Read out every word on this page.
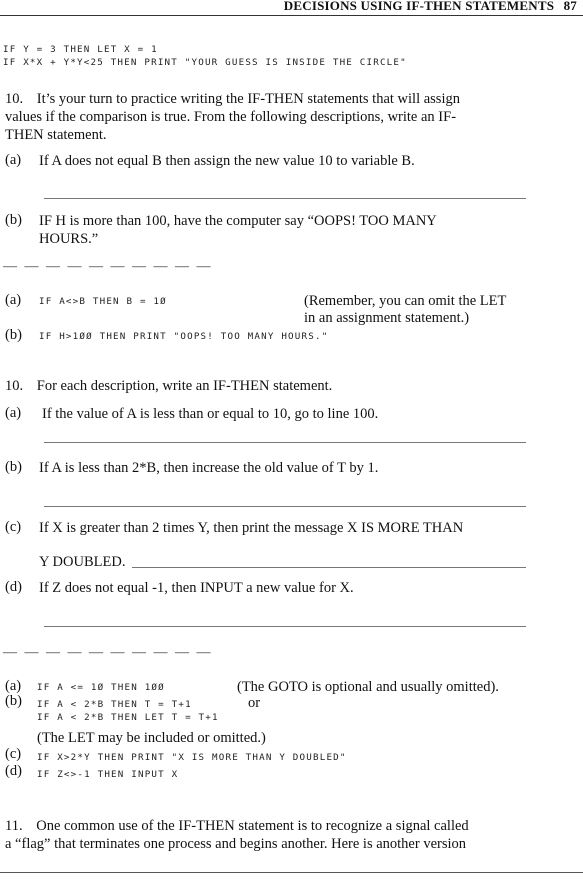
DECISIONS USING IF-THEN STATEMENTS 87
IF Y = 3 THEN LET X = 1
IF X*X + Y*Y<25 THEN PRINT "YOUR GUESS IS INSIDE THE CIRCLE"
10. It’s your turn to practice writing the IF-THEN statements that will assign
values if the comparison is true. From the following descriptions, write an IF-
THEN statement.
(a) If A does not equal B then assign the new value 10 to variable B.
(b) IF H is more than 100, have the computer say “OOPS! TOO MANY
HOURS.”
— — — — — — — — — —
(a) IF A<>B THEN B = 1Ø	(Remember, you can omit the LET
in an assignment statement.)
(b) IF H>1ØØ THEN PRINT "OOPS! TOO MANY HOURS."
10. For each description, write an IF-THEN statement.
(a) If the value of A is less than or equal to 10, go to line 100.
(b) If A is less than 2*B, then increase the old value of T by 1.
(c) If X is greater than 2 times Y, then print the message X IS MORE THAN
Y DOUBLED.
(d) If Z does not equal -1, then INPUT a new value for X.
— — — — — — — — — —
(a) IF A <= 1Ø THEN 1ØØ	(The GOTO is optional and usually omitted).
(b) IF A < 2*B THEN T = T+1	or
IF A < 2*B THEN LET T = T+1
(The LET may be included or omitted.)
(c) IF X>2*Y THEN PRINT "X IS MORE THAN Y DOUBLED"
(d) IF Z<>-1 THEN INPUT X
11. One common use of the IF-THEN statement is to recognize a signal called
a “flag” that terminates one process and begins another. Here is another version
